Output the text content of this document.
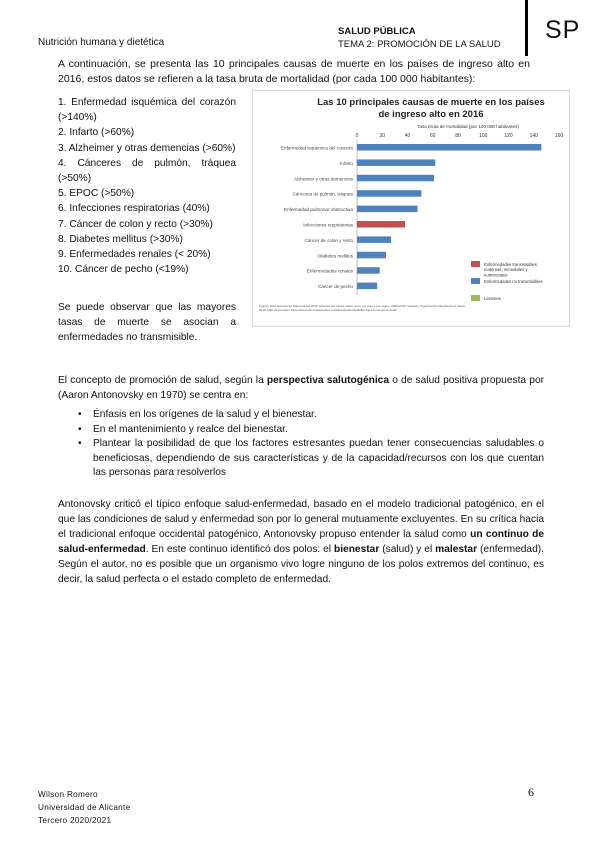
Nutrición humana y dietética
SALUD PÚBLICA
TEMA 2: PROMOCIÓN DE LA SALUD
SP
A continuación, se presenta las 10 principales causas de muerte en los países de ingreso alto en 2016, estos datos se refieren a la tasa bruta de mortalidad (por cada 100 000 habitantes):
1. Enfermedad isquémica del corazón (>140%)
2. Infarto (>60%)
3. Alzheimer y otras demencias (>60%)
4. Cánceres de pulmón, tráquea (>50%)
5. EPOC (>50%)
6. Infecciones respiratorias (40%)
7. Cáncer de colon y recto (>30%)
8. Diabetes mellitus (>30%)
9. Enfermedades renales (< 20%)
10. Cáncer de pecho (<19%)
Se puede observar que las mayores tasas de muerte se asocian a enfermedades no transmisible.
Las 10 principales causas de muerte en los países
de ingreso alto en 2016
Tasa bruta de mortalidad (por 100 000 habitantes)
0	20	40	60	80	100	120	140	160
Enfermedad isquémica del corazón
Infarto
Alzheimer y otras demencias
Cánceres de pulmón, tráquea
Enfermedad pulmonar obstructiva
Infecciones respiratorias
Cáncer de colon y recto
Diabetes mellitus
Enfermedades renales
Cáncer de pecho
Enfermedades transmisibles, maternas, neonatales y nutricionales
Enfermedades no transmisibles
Lesiones
Fuente: Estimaciones de Salud Global 2016: Muertes por causa, edad, sexo, por país y por región, 2000-2016. Ginebra, Organización Mundial de la Salud; 2018. Más información: https://www.who.int/es/news-room/fact-sheets/detail/the-top-10-causes-of-death
El concepto de promoción de salud, según la perspectiva salutogénica o de salud positiva propuesta por (Aaron Antonovsky en 1970) se centra en:
• Énfasis en los orígenes de la salud y el bienestar.
• En el mantenimiento y realce del bienestar.
• Plantear la posibilidad de que los factores estresantes puedan tener consecuencias saludables o beneficiosas, dependiendo de sus características y de la capacidad/recursos con los que cuentan las personas para resolverlos
Antonovsky criticó el típico enfoque salud-enfermedad, basado en el modelo tradicional patogénico, en el que las condiciones de salud y enfermedad son por lo general mutuamente excluyentes. En su crítica hacia el tradicional enfoque occidental patogénico, Antonovsky propuso entender la salud como un continuo de salud-enfermedad. En este continuo identificó dos polos: el bienestar (salud) y el malestar (enfermedad). Según el autor, no es posible que un organismo vivo logre ninguno de los polos extremos del continuo, es decir, la salud perfecta o el estado completo de enfermedad.
6
Wilson Romero
Universidad de Alicante
Tercero 2020/2021
